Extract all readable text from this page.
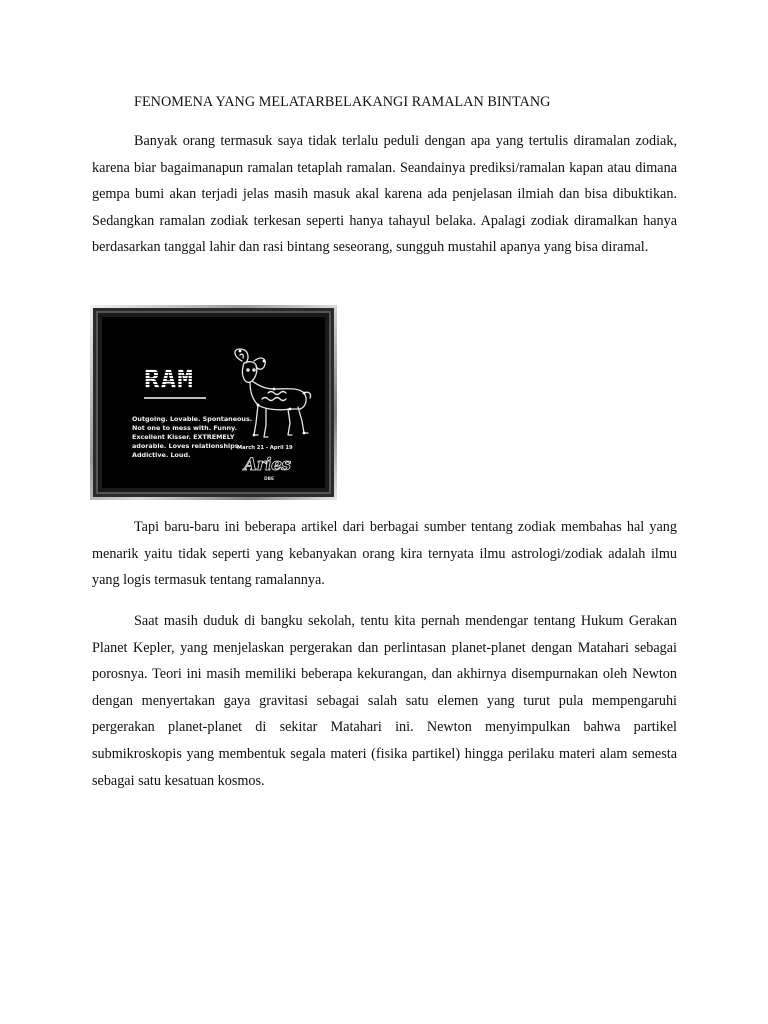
FENOMENA YANG MELATARBELAKANGI RAMALAN BINTANG

Banyak orang termasuk saya tidak terlalu peduli dengan apa yang tertulis diramalan zodiak, karena biar bagaimanapun ramalan tetaplah ramalan. Seandainya prediksi/ramalan kapan atau dimana gempa bumi akan terjadi jelas masih masuk akal karena ada penjelasan ilmiah dan bisa dibuktikan. Sedangkan ramalan zodiak terkesan seperti hanya tahayul belaka. Apalagi zodiak diramalkan hanya berdasarkan tanggal lahir dan rasi bintang seseorang, sungguh mustahil apanya yang bisa diramal.

RAM
Outgoing. Lovable. Spontaneous.
Not one to mess with. Funny.
Excellent Kisser. EXTREMELY
adorable. Loves relationships.
Addictive. Loud.
March 21 - April 19
Aries
DBE

Tapi baru-baru ini beberapa artikel dari berbagai sumber tentang zodiak membahas hal yang menarik yaitu tidak seperti yang kebanyakan orang kira ternyata ilmu astrologi/zodiak adalah ilmu yang logis termasuk tentang ramalannya.

Saat masih duduk di bangku sekolah, tentu kita pernah mendengar tentang Hukum Gerakan Planet Kepler, yang menjelaskan pergerakan dan perlintasan planet-planet dengan Matahari sebagai porosnya. Teori ini masih memiliki beberapa kekurangan, dan akhirnya disempurnakan oleh Newton dengan menyertakan gaya gravitasi sebagai salah satu elemen yang turut pula mempengaruhi pergerakan planet-planet di sekitar Matahari ini. Newton menyimpulkan bahwa partikel submikroskopis yang membentuk segala materi (fisika partikel) hingga perilaku materi alam semesta sebagai satu kesatuan kosmos.
